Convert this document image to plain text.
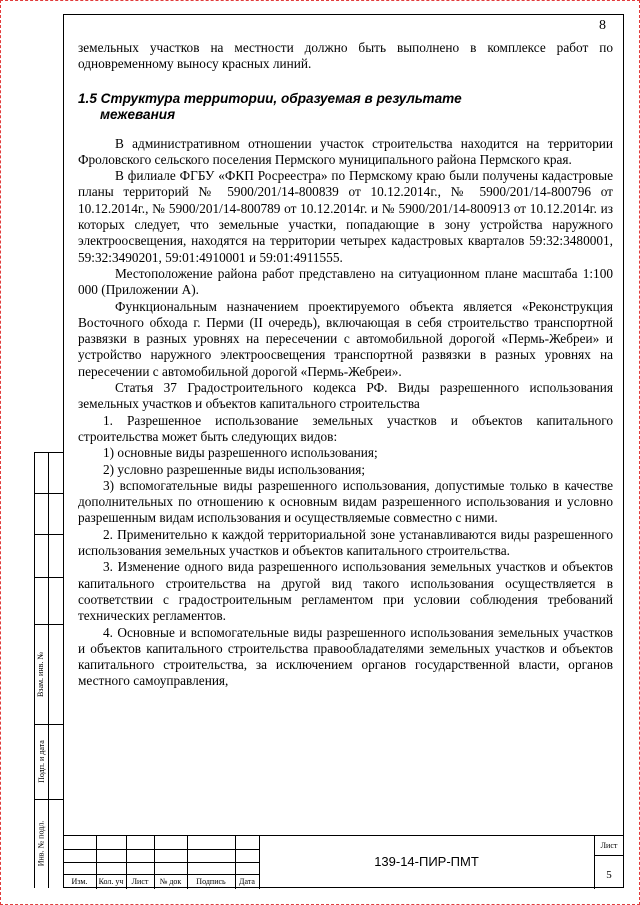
8

земельных участков на местности должно быть выполнено в комплексе работ по одновременному выносу красных линий.

1.5 Структура территории, образуемая в результате
межевания

В административном отношении участок строительства находится на территории Фроловского сельского поселения Пермского муниципального района Пермского края.

В филиале ФГБУ «ФКП Росреестра» по Пермскому краю были получены кадастровые планы территорий № 5900/201/14-800839 от 10.12.2014г., № 5900/201/14-800796 от 10.12.2014г., № 5900/201/14-800789 от 10.12.2014г. и № 5900/201/14-800913 от 10.12.2014г. из которых следует, что земельные участки, попадающие в зону устройства наружного электроосвещения, находятся на территории четырех кадастровых кварталов 59:32:3480001, 59:32:3490201, 59:01:4910001 и 59:01:4911555.

Местоположение района работ представлено на ситуационном плане масштаба 1:100 000 (Приложении А).

Функциональным назначением проектируемого объекта является «Реконструкция Восточного обхода г. Перми (II очередь), включающая в себя строительство транспортной развязки в разных уровнях на пересечении с автомобильной дорогой «Пермь-Жебреи» и устройство наружного электроосвещения транспортной развязки в разных уровнях на пересечении с автомобильной дорогой «Пермь-Жебреи».

Статья 37 Градостроительного кодекса РФ. Виды разрешенного использования земельных участков и объектов капитального строительства

1. Разрешенное использование земельных участков и объектов капитального строительства может быть следующих видов:

1) основные виды разрешенного использования;

2) условно разрешенные виды использования;

3) вспомогательные виды разрешенного использования, допустимые только в качестве дополнительных по отношению к основным видам разрешенного использования и условно разрешенным видам использования и осуществляемые совместно с ними.

2. Применительно к каждой территориальной зоне устанавливаются виды разрешенного использования земельных участков и объектов капитального строительства.

3. Изменение одного вида разрешенного использования земельных участков и объектов капитального строительства на другой вид такого использования осуществляется в соответствии с градостроительным регламентом при условии соблюдения требований технических регламентов.

4. Основные и вспомогательные виды разрешенного использования земельных участков и объектов капитального строительства правообладателями земельных участков и объектов капитального строительства, за исключением органов государственной власти, органов местного самоуправления,

Взам. инв. №
Подп. и дата
Инв. № подл.
Изм.	Кол. уч	Лист	№ док	Подпись	Дата
139-14-ПИР-ПМТ
Лист
5
